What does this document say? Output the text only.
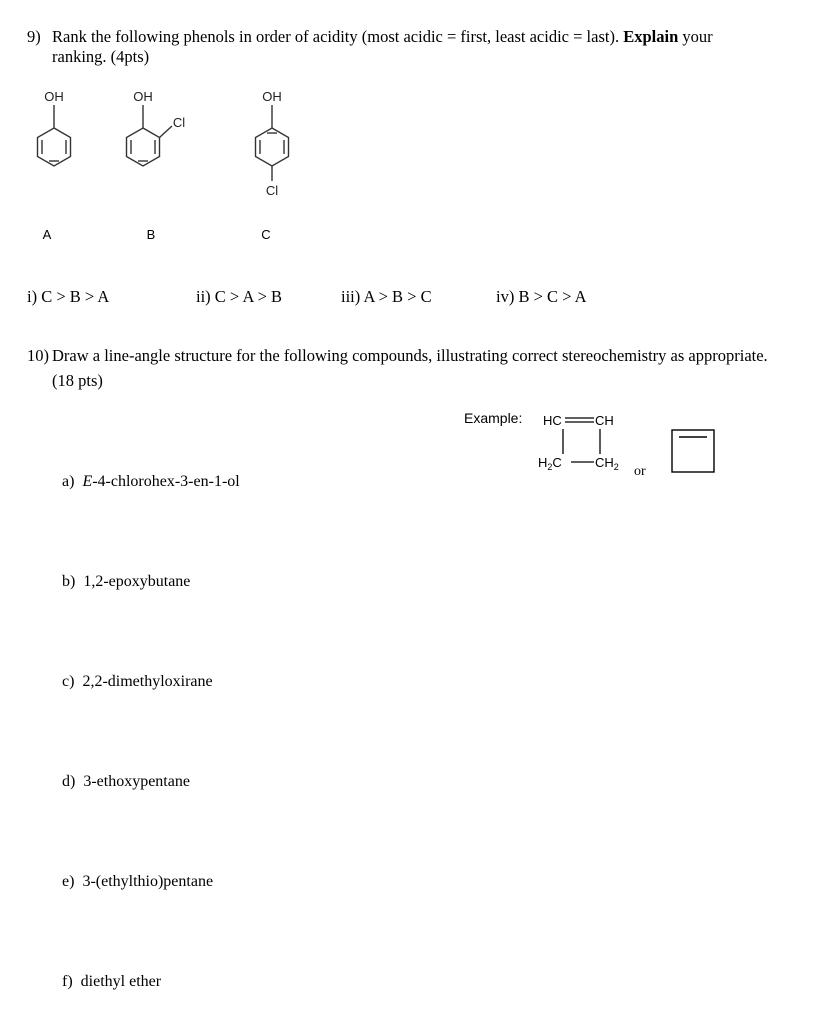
9) Rank the following phenols in order of acidity (most acidic = first, least acidic = last). Explain your
ranking. (4pts)
OH	OH
Cl
OH
Cl
A	B	C
i) C > B > A	ii) C > A > B	iii) A > B > C	iv) B > C > A
10) Draw a line-angle structure for the following compounds, illustrating correct stereochemistry as appropriate.
(18 pts)
Example: HC	CH
$H_2C$	$CH_2$ or
a) E-4-chlorohex-3-en-1-ol
b) 1,2-epoxybutane
c) 2,2-dimethyloxirane
d) 3-ethoxypentane
e) 3-(ethylthio)pentane
f) diethyl ether
